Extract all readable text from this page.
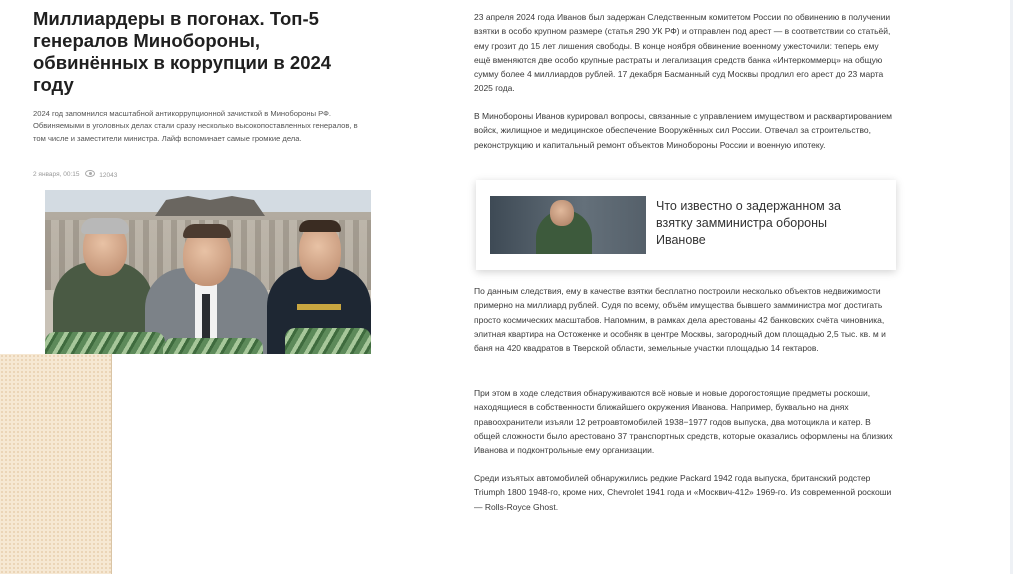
Миллиардеры в погонах. Топ-5 генералов Минобороны, обвинённых в коррупции в 2024 году

2024 год запомнился масштабной антикоррупционной зачисткой в Минобороны РФ. Обвиняемыми в уголовных делах стали сразу несколько высокопоставленных генералов, в том числе и заместители министра. Лайф вспоминает самые громкие дела.

2 января, 00:15	12043

23 апреля 2024 года Иванов был задержан Следственным комитетом России по обвинению в получении взятки в особо крупном размере (статья 290 УК РФ) и отправлен под арест — в соответствии со статьёй, ему грозит до 15 лет лишения свободы. В конце ноября обвинение военному ужесточили: теперь ему ещё вменяются две особо крупные растраты и легализация средств банка «Интеркоммерц» на общую сумму более 4 миллиардов рублей. 17 декабря Басманный суд Москвы продлил его арест до 23 марта 2025 года.

В Минобороны Иванов курировал вопросы, связанные с управлением имуществом и расквартированием войск, жилищное и медицинское обеспечение Вооружённых сил России. Отвечал за строительство, реконструкцию и капитальный ремонт объектов Минобороны России и военную ипотеку.

Что известно о задержанном за взятку замминистра обороны Иванове

По данным следствия, ему в качестве взятки бесплатно построили несколько объектов недвижимости примерно на миллиард рублей. Судя по всему, объём имущества бывшего замминистра мог достигать просто космических масштабов. Напомним, в рамках дела арестованы 42 банковских счёта чиновника, элитная квартира на Остоженке и особняк в центре Москвы, загородный дом площадью 2,5 тыс. кв. м и баня на 420 квадратов в Тверской области, земельные участки площадью 14 гектаров.

При этом в ходе следствия обнаруживаются всё новые и новые дорогостоящие предметы роскоши, находящиеся в собственности ближайшего окружения Иванова. Например, буквально на днях правоохранители изъяли 12 ретроавтомобилей 1938−1977 годов выпуска, два мотоцикла и катер. В общей сложности было арестовано 37 транспортных средств, которые оказались оформлены на близких Иванова и подконтрольные ему организации.

Среди изъятых автомобилей обнаружились редкие Packard 1942 года выпуска, британский родстер Triumph 1800 1948-го, кроме них, Chevrolet 1941 года и «Москвич-412» 1969-го. Из современной роскоши — Rolls-Royce Ghost.
